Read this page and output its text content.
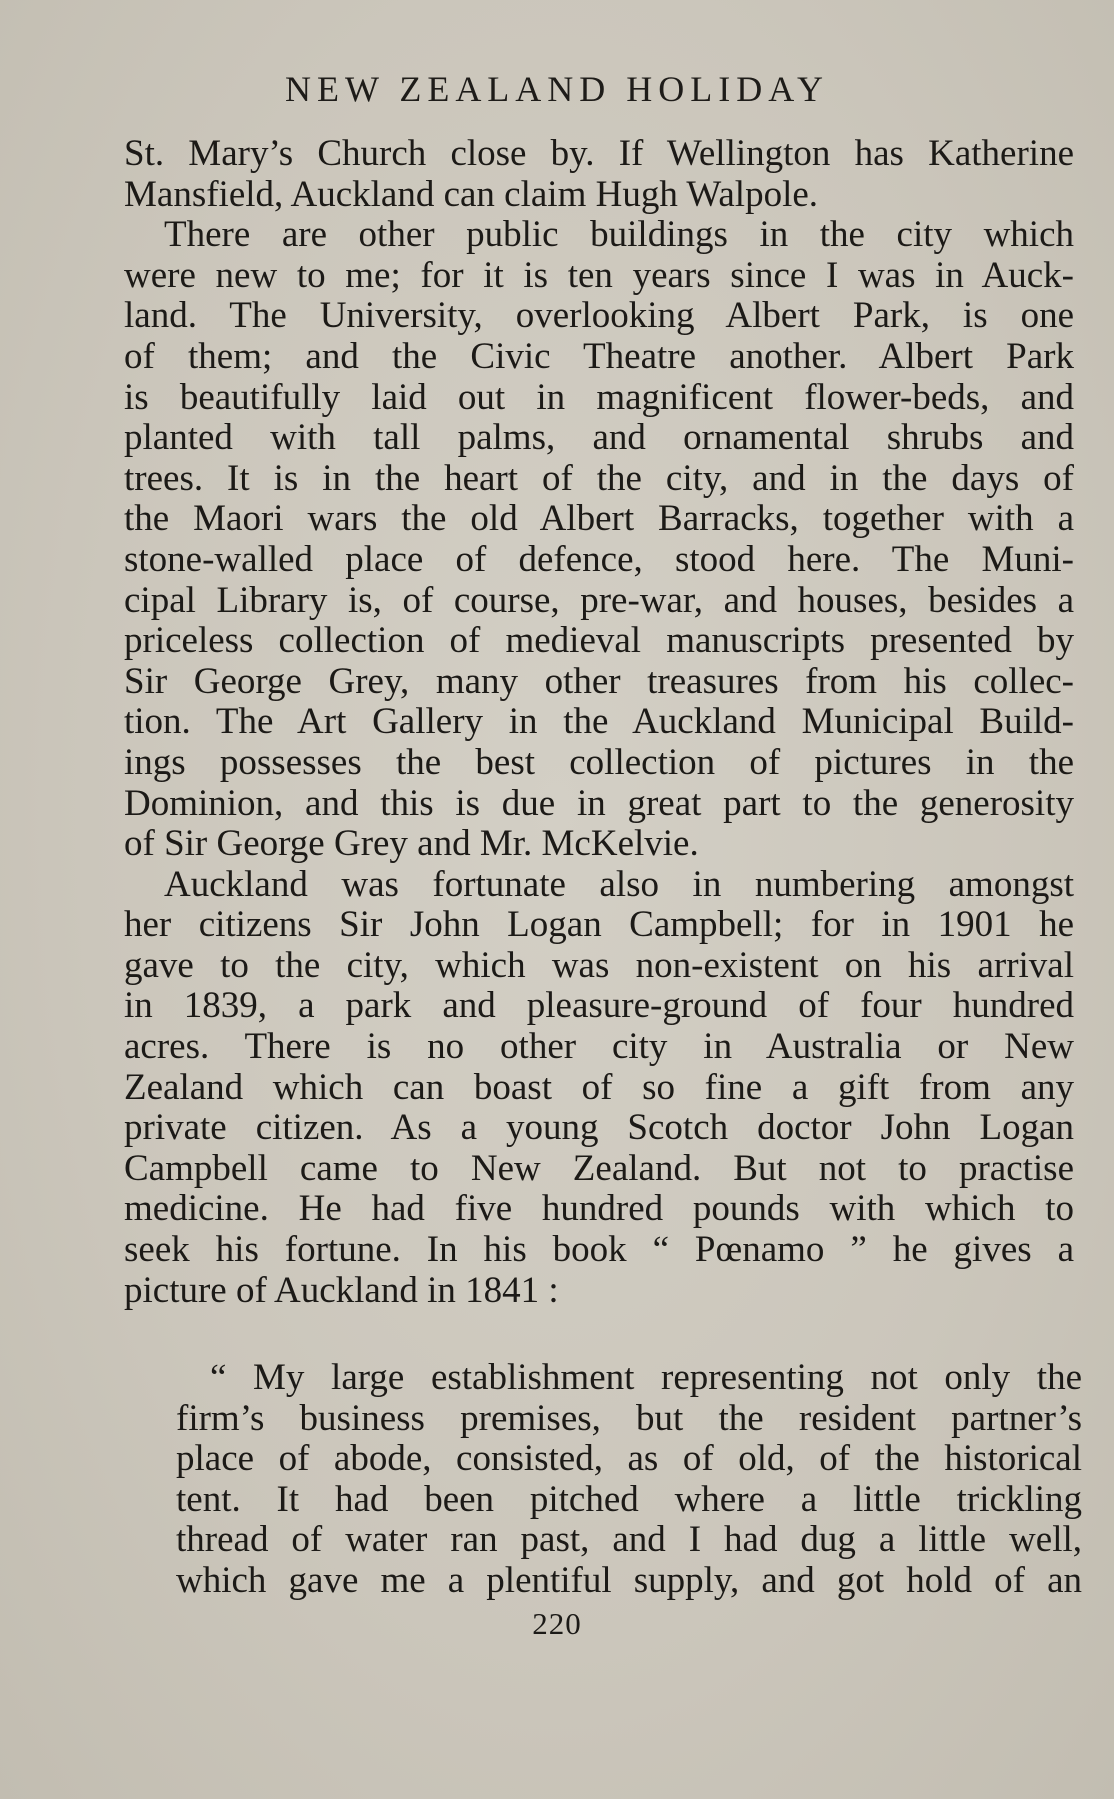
NEW ZEALAND HOLIDAY
St. Mary’s Church close by. If Wellington has Katherine
Mansfield, Auckland can claim Hugh Walpole.
There are other public buildings in the city which
were new to me; for it is ten years since I was in Auck-
land. The University, overlooking Albert Park, is one
of them; and the Civic Theatre another. Albert Park
is beautifully laid out in magnificent flower-beds, and
planted with tall palms, and ornamental shrubs and
trees. It is in the heart of the city, and in the days of
the Maori wars the old Albert Barracks, together with a
stone-walled place of defence, stood here. The Muni-
cipal Library is, of course, pre-war, and houses, besides a
priceless collection of medieval manuscripts presented by
Sir George Grey, many other treasures from his collec-
tion. The Art Gallery in the Auckland Municipal Build-
ings possesses the best collection of pictures in the
Dominion, and this is due in great part to the generosity
of Sir George Grey and Mr. McKelvie.
Auckland was fortunate also in numbering amongst
her citizens Sir John Logan Campbell; for in 1901 he
gave to the city, which was non-existent on his arrival
in 1839, a park and pleasure-ground of four hundred
acres. There is no other city in Australia or New
Zealand which can boast of so fine a gift from any
private citizen. As a young Scotch doctor John Logan
Campbell came to New Zealand. But not to practise
medicine. He had five hundred pounds with which to
seek his fortune. In his book “ Pœnamo ” he gives a
picture of Auckland in 1841 :
“ My large establishment representing not only the
firm’s business premises, but the resident partner’s
place of abode, consisted, as of old, of the historical
tent. It had been pitched where a little trickling
thread of water ran past, and I had dug a little well,
which gave me a plentiful supply, and got hold of an
220
